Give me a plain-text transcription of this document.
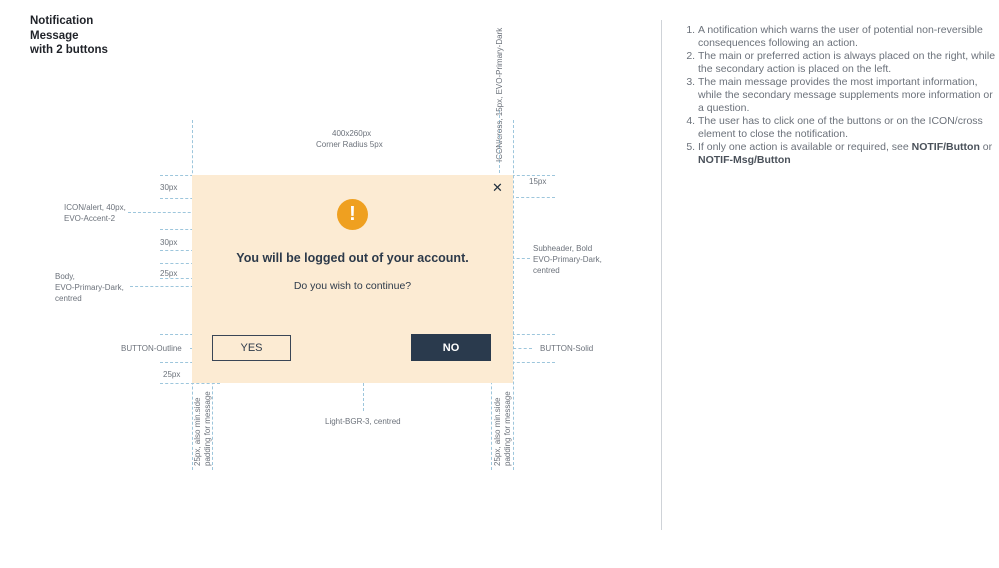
Notification
Message
with 2 buttons
400x260px
Corner Radius 5px	ICON/cross, 15px, EVO-Primary-Dark
15px
ICON/alert, 40px,
EVO-Accent-2
30px
30px
25px
25px
Subheader, Bold
EVO-Primary-Dark,
centred
Body,
EVO-Primary-Dark,
centred
BUTTON-Outline	BUTTON-Solid
Light-BGR-3, centred
25px, also min.side padding for message	25px, also min.side padding for message
!
✕
You will be logged out of your account.
Do you wish to continue?
YES	NO
1. A notification which warns the user of potential non-reversible consequences following an action.
2. The main or preferred action is always placed on the right, while the secondary action is placed on the left.
3. The main message provides the most important information, while the secondary message supplements more information or a question.
4. The user has to click one of the buttons or on the ICON/cross element to close the notification.
5. If only one action is available or required, see NOTIF/Button or NOTIF-Msg/Button
